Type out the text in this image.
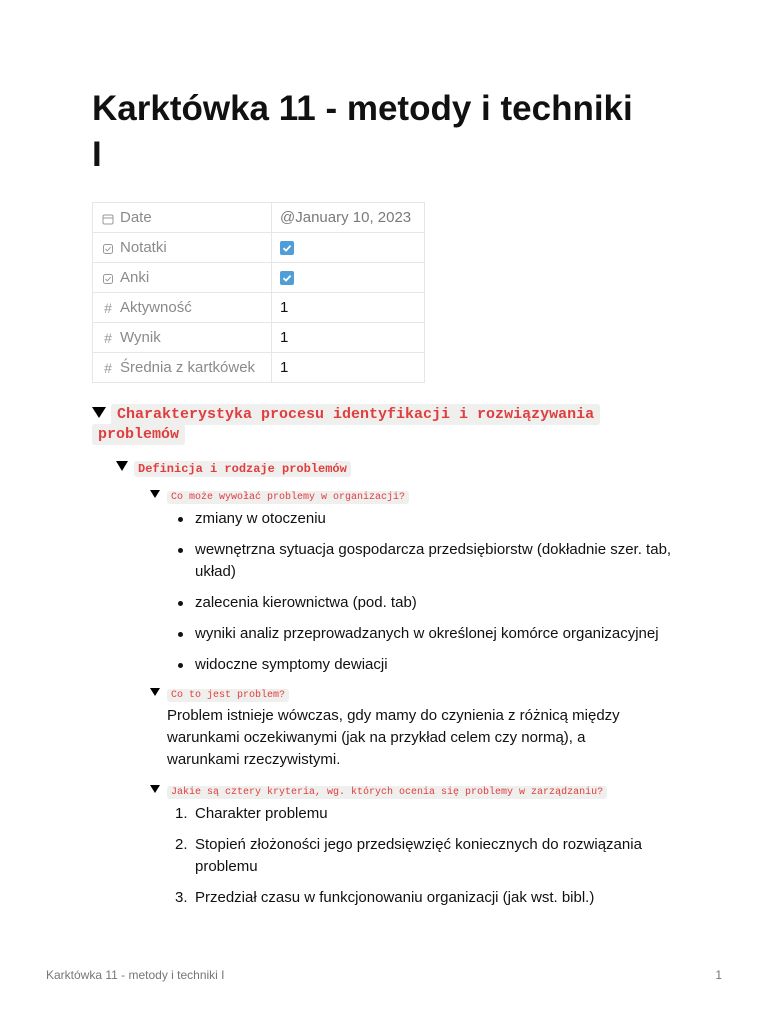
Karktówka 11 - metody i techniki I
Date	@January 10, 2023
Notatki	

Anki	

# Aktywność	1
# Wynik	1
# Średnia z kartkówek	1
Charakterystyka procesu identyfikacji i rozwiązywania problemów
Definicja i rodzaje problemów
Co może wywołać problemy w organizacji?
zmiany w otoczeniu
wewnętrzna sytuacja gospodarcza przedsiębiorstw (dokładnie szer. tab, układ)
zalecenia kierownictwa (pod. tab)
wyniki analiz przeprowadzanych w określonej komórce organizacyjnej
widoczne symptomy dewiacji
Co to jest problem?

Problem istnieje wówczas, gdy mamy do czynienia z różnicą między warunkami oczekiwanymi (jak na przykład celem czy normą), a warunkami rzeczywistymi.

Jakie są cztery kryteria, wg. których ocenia się problemy w zarządzaniu?
1. Charakter problemu
2. Stopień złożoności jego przedsięwzięć koniecznych do rozwiązania problemu
3. Przedział czasu w funkcjonowaniu organizacji (jak wst. bibl.)
Karktówka 11 - metody i techniki I	1
